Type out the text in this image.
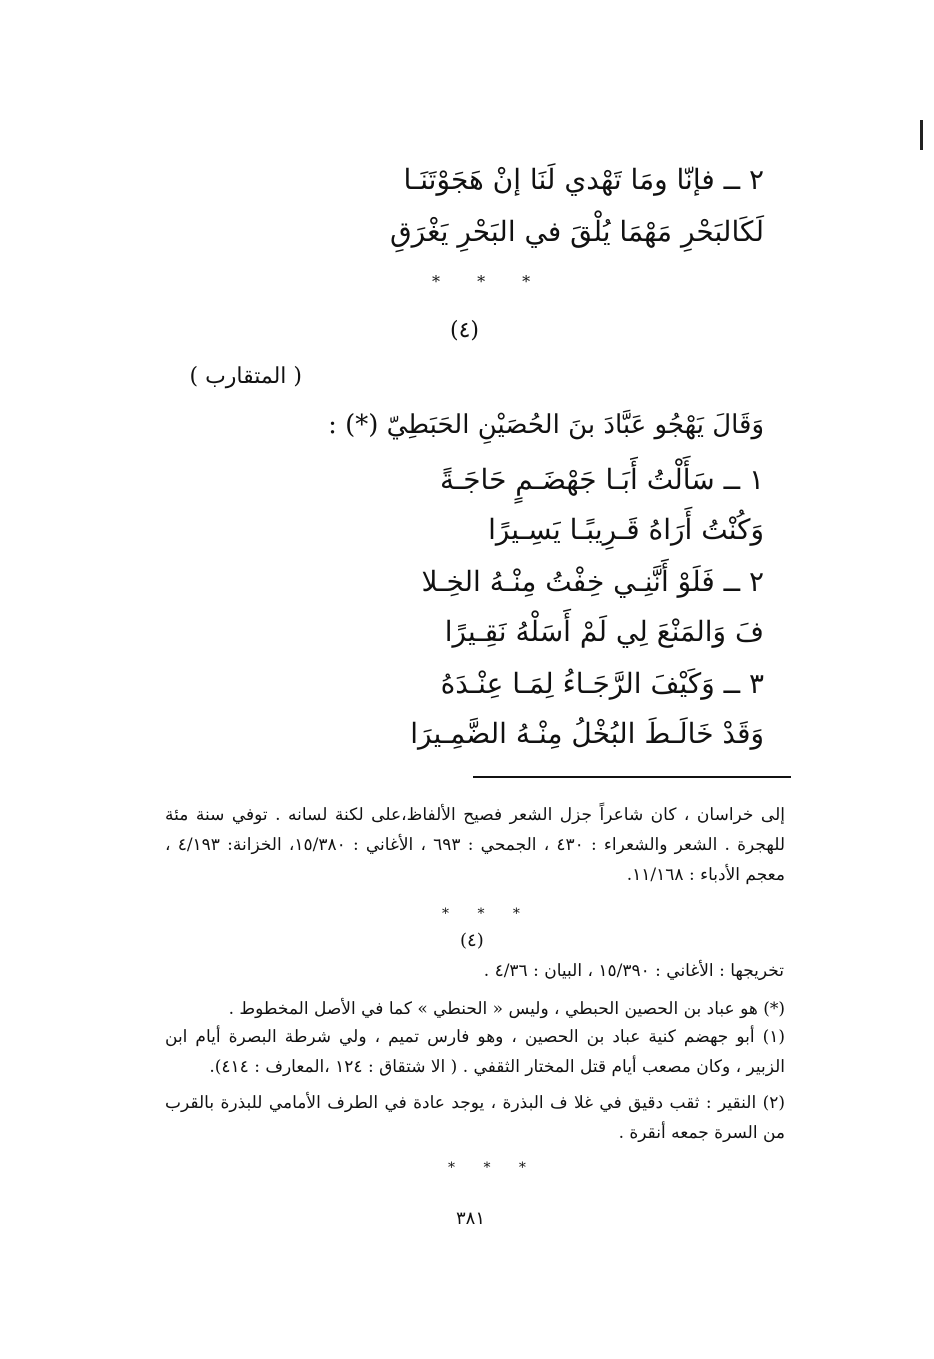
٢ ــ فإنّا ومَا تَهْدي لَنَا إنْ هَجَوْتَنَـا
لَكَالبَحْرِ مَهْمَا يُلْقَ في البَحْرِ يَغْرَقِ
* * *
(٤)
( المتقارب )
وَقَالَ يَهْجُو عَبَّادَ بنَ الحُصَيْنِ الحَبَطِيّ (*) :
١ ــ سَأَلْتُ أَبَـا جَهْضَـمٍ حَاجَـةً
وَكُنْتُ أَرَاهُ قَـرِيبًـا يَسِـيرًا
٢ ــ فَلَوْ أَنَّنِـي خِفْتُ مِنْـهُ الخِـلا
فَ وَالمَنْعَ لِي لَمْ أَسَلْهُ نَقِـيرًا
٣ ــ وَكَيْفَ الرَّجَـاءُ لِمَـا عِنْـدَهُ
وَقَدْ خَالَـطَ البُخْلُ مِنْـهُ الضَّمِـيرَا
إلى خراسان ، كان شاعراً جزل الشعر فصيح الألفاظ،على لكنة لسانه . توفي سنة مئة للهجرة . الشعر والشعراء : ٤٣٠ ، الجمحي : ٦٩٣ ، الأغاني : ١٥/٣٨٠، الخزانة: ٤/١٩٣ ، معجم الأدباء : ١١/١٦٨.
* * *
(٤)
تخريجها : الأغاني : ١٥/٣٩٠ ، البيان : ٤/٣٦ .
(*) هو عباد بن الحصين الحبطي ، وليس « الحنطي » كما في الأصل المخطوط .
(١) أبو جهضم كنية عباد بن الحصين ، وهو فارس تميم ، ولي شرطة البصرة أيام ابن الزبير ، وكان مصعب أيام قتل المختار الثقفي . ( الا شتقاق : ١٢٤ ،المعارف : ٤١٤).
(٢) النقير : ثقب دقيق في غلا ف البذرة ، يوجد عادة في الطرف الأمامي للبذرة بالقرب من السرة جمعه أنقرة .
* * *
٣٨١
